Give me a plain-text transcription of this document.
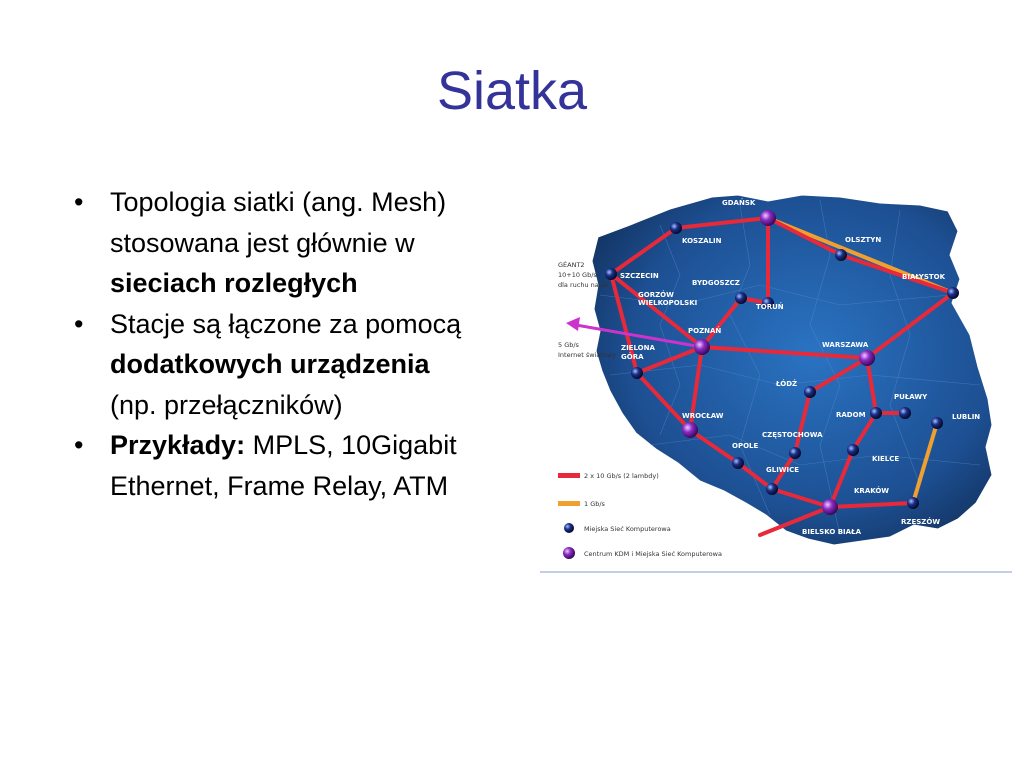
Siatka
• Topologia siatki (ang. Mesh) stosowana jest głównie w sieciach rozległych
• Stacje są łączone za pomocą dodatkowych urządzenia (np. przełączników)
• Przykłady: MPLS, 10Gigabit Ethernet, Frame Relay, ATM
GDAŃSK
KOSZALIN	OLSZTYN
SZCZECIN
BYDGOSZCZ
TORUŃ
BIAŁYSTOK
GORZÓW
WIELKOPOLSKI
POZNAŃ
ZIELONA
GÓRA
WARSZAWA
ŁÓDŹ
PUŁAWY
RADOM	LUBLIN
WROCŁAW
OPOLE
CZĘSTOCHOWA
KIELCE
GLIWICE
KRAKÓW
RZESZÓW
BIELSKO BIAŁA
GÉANT2
10+10 Gb/s
dla ruchu nauki
5 Gb/s
Internet światowy
2 x 10 Gb/s (2 lambdy)
1 Gb/s
Miejska Sieć Komputerowa
Centrum KDM i Miejska Sieć Komputerowa
